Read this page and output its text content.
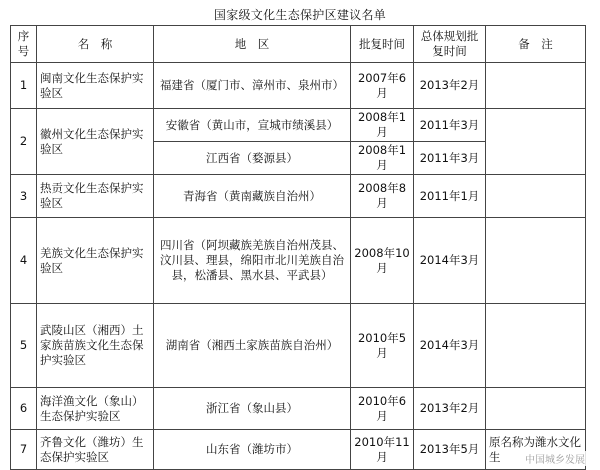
国家级文化生态保护区建议名单
序号	名　称	地　区	批复时间	总体规划批复时间	备　注
1	闽南文化生态保护实验区	福建省（厦门市、漳州市、泉州市）	2007年6月	2013年2月	
2	徽州文化生态保护实验区	安徽省（黄山市，宣城市绩溪县）	2008年1月	2011年3月	
		江西省（婺源县）	2008年1月	2011年3月	
3	热贡文化生态保护实验区	青海省（黄南藏族自治州）	2008年8月	2011年1月	
4	羌族文化生态保护实验区	四川省（阿坝藏族羌族自治州茂县、汶川县、理县，绵阳市北川羌族自治县，松潘县、黑水县、平武县）	2008年10月	2014年3月	
5	武陵山区（湘西）土家族苗族文化生态保护实验区	湖南省（湘西土家族苗族自治州）	2010年5月	2014年3月	
6	海洋渔文化（象山）生态保护实验区	浙江省（象山县）	2010年6月	2013年2月	
7	齐鲁文化（潍坊）生态保护实验区	山东省（潍坊市）	2010年11月	2013年5月	原名称为潍水文化生	中国城乡发展
